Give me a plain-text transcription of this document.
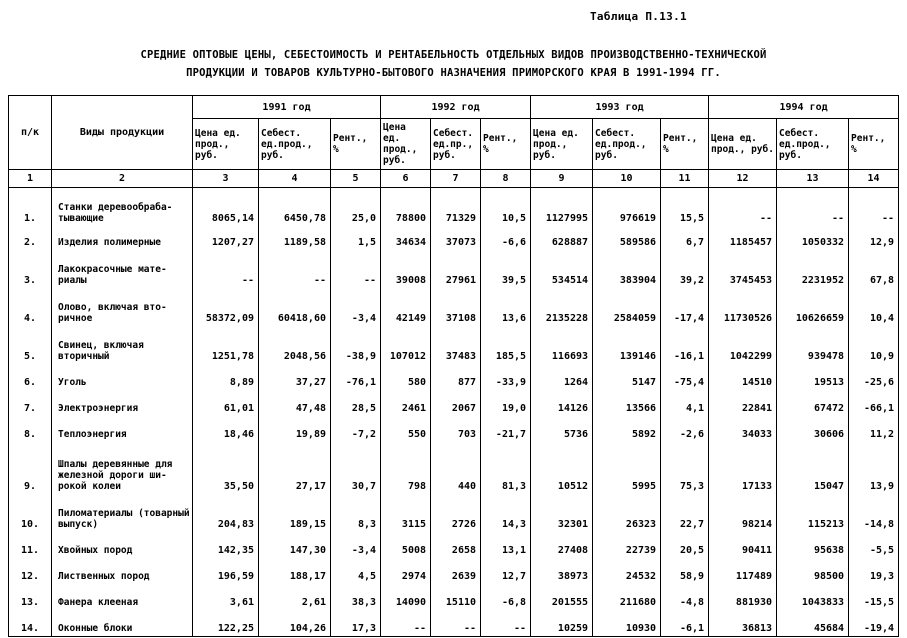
Таблица П.13.1
СРЕДНИЕ ОПТОВЫЕ ЦЕНЫ, СЕБЕСТОИМОСТЬ И РЕНТАБЕЛЬНОСТЬ ОТДЕЛЬНЫХ ВИДОВ ПРОИЗВОДСТВЕННО-ТЕХНИЧЕСКОЙ
ПРОДУКЦИИ И ТОВАРОВ КУЛЬТУРНО-БЫТОВОГО НАЗНАЧЕНИЯ ПРИМОРСКОГО КРАЯ В 1991-1994 ГГ.
п/к	Виды продукции	1991 год			1992 год			1993 год			1994 год		
		Цена ед. прод., руб.	Себест. ед.прод., руб.	Рент., %	Цена ед. прод., руб.	Себест. ед.пр., руб.	Рент., %	Цена ед. прод., руб.	Себест. ед.прод., руб.	Рент., %	Цена ед. прод., руб.	Себест. ед.прод., руб.	Рент., %
1	2	3	4	5	6	7	8	9	10	11	12	13	14
1.	Станки деревообраба-тывающие	8065,14	6450,78	25,0	78800	71329	10,5	1127995	976619	15,5	--	--	--
2.	Изделия полимерные	1207,27	1189,58	1,5	34634	37073	-6,6	628887	589586	6,7	1185457	1050332	12,9
3.	Лакокрасочные мате-риалы	--	--	--	39008	27961	39,5	534514	383904	39,2	3745453	2231952	67,8
4.	Олово, включая вто-ричное	58372,09	60418,60	-3,4	42149	37108	13,6	2135228	2584059	-17,4	11730526	10626659	10,4
5.	Свинец, включая вторичный	1251,78	2048,56	-38,9	107012	37483	185,5	116693	139146	-16,1	1042299	939478	10,9
6.	Уголь	8,89	37,27	-76,1	580	877	-33,9	1264	5147	-75,4	14510	19513	-25,6
7.	Электроэнергия	61,01	47,48	28,5	2461	2067	19,0	14126	13566	4,1	22841	67472	-66,1
8.	Теплоэнергия	18,46	19,89	-7,2	550	703	-21,7	5736	5892	-2,6	34033	30606	11,2
9.	Шпалы деревянные для железной дороги ши-рокой колеи	35,50	27,17	30,7	798	440	81,3	10512	5995	75,3	17133	15047	13,9
10.	Пиломатериалы (товарный выпуск)	204,83	189,15	8,3	3115	2726	14,3	32301	26323	22,7	98214	115213	-14,8
11.	Хвойных пород	142,35	147,30	-3,4	5008	2658	13,1	27408	22739	20,5	90411	95638	-5,5
12.	Лиственных пород	196,59	188,17	4,5	2974	2639	12,7	38973	24532	58,9	117489	98500	19,3
13.	Фанера клееная	3,61	2,61	38,3	14090	15110	-6,8	201555	211680	-4,8	881930	1043833	-15,5
14.	Оконные блоки	122,25	104,26	17,3	--	--	--	10259	10930	-6,1	36813	45684	-19,4
